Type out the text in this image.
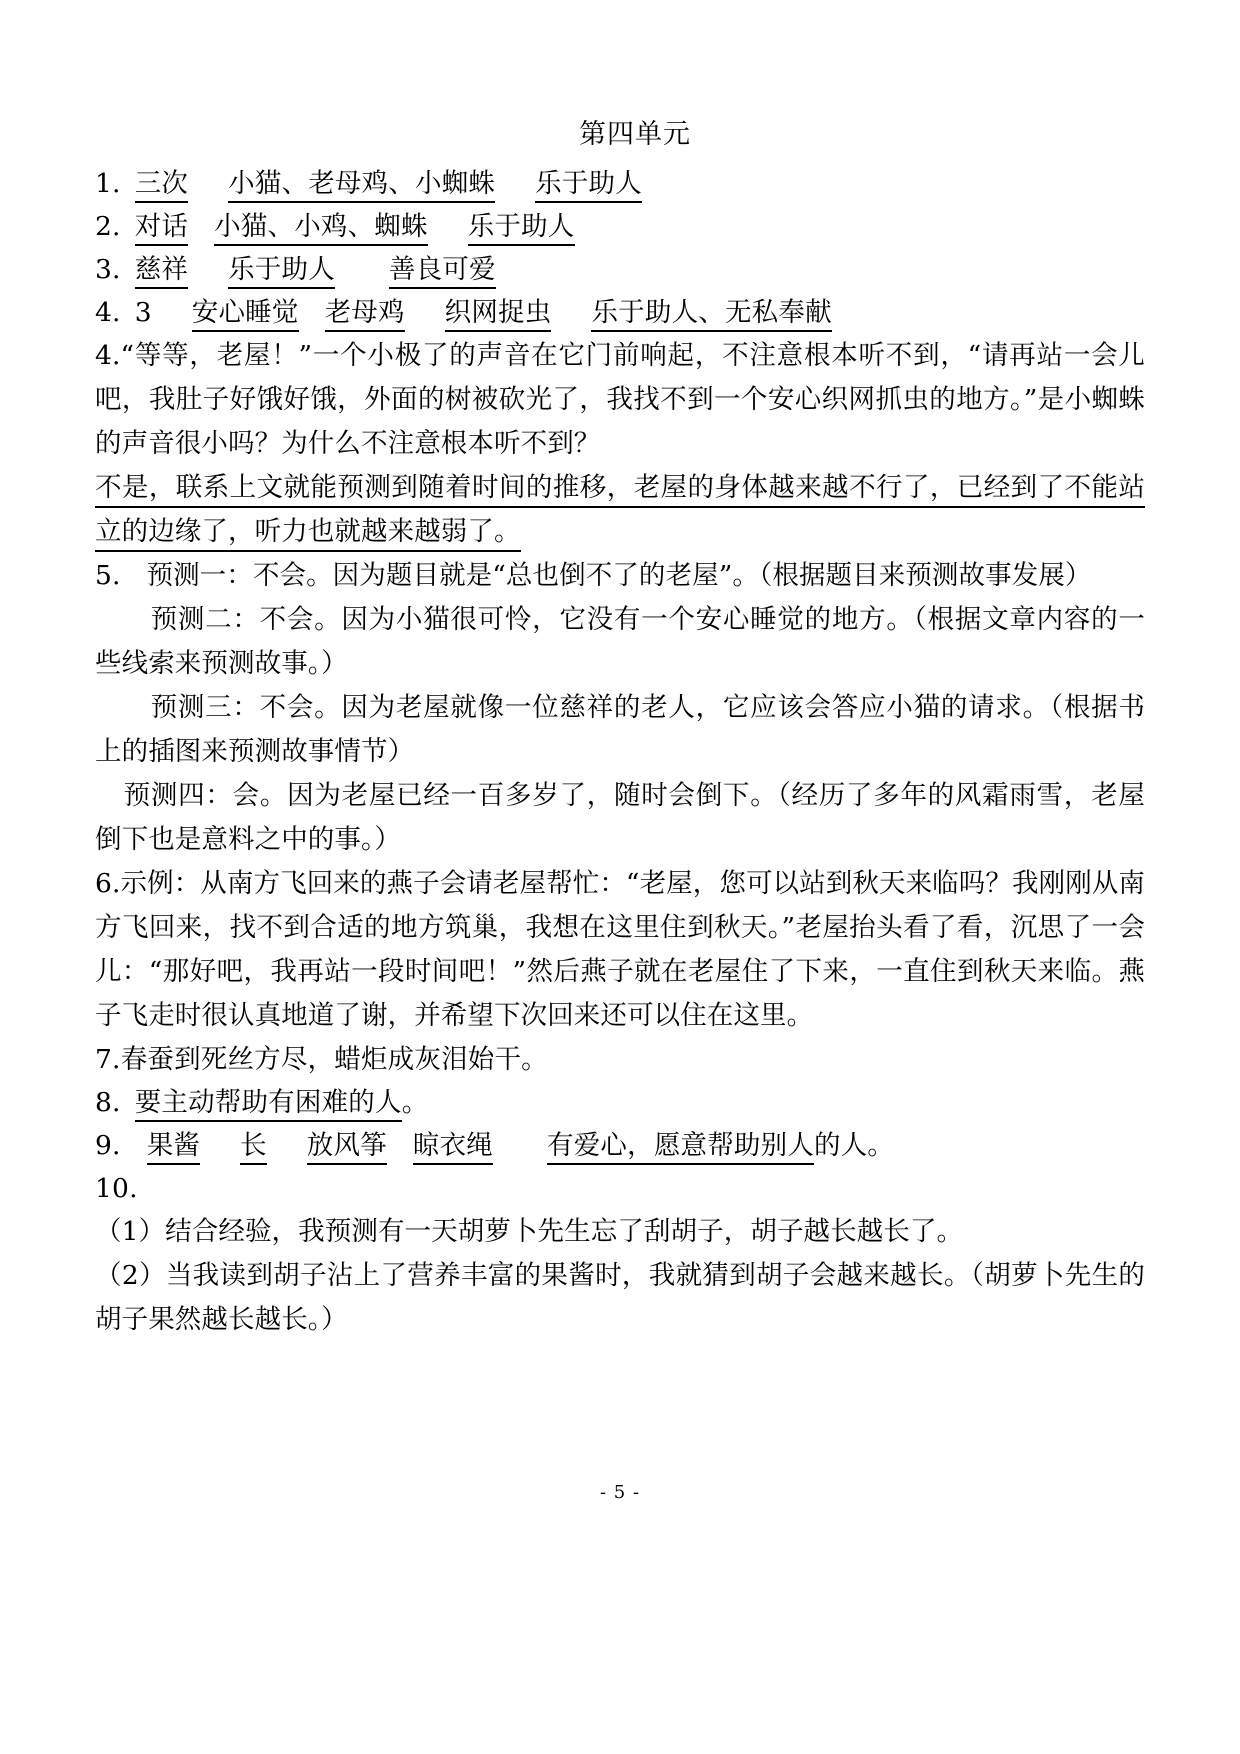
第四单元
1. 三次 小猫、老母鸡、小蜘蛛 乐于助人
2. 对话 小猫、小鸡、蜘蛛 乐于助人
3. 慈祥 乐于助人 善良可爱
4. 3 安心睡觉 老母鸡 织网捉虫 乐于助人、无私奉献
4.“等等，老屋！”一个小极了的声音在它门前响起，不注意根本听不到，“请再站一会儿吧，我肚子好饿好饿，外面的树被砍光了，我找不到一个安心织网抓虫的地方。”是小蜘蛛的声音很小吗？为什么不注意根本听不到？
不是，联系上文就能预测到随着时间的推移，老屋的身体越来越不行了，已经到了不能站立的边缘了，听力也就越来越弱了。
5. 预测一：不会。因为题目就是“总也倒不了的老屋”。（根据题目来预测故事发展）
预测二：不会。因为小猫很可怜，它没有一个安心睡觉的地方。（根据文章内容的一些线索来预测故事。）
预测三：不会。因为老屋就像一位慈祥的老人，它应该会答应小猫的请求。（根据书上的插图来预测故事情节）
预测四：会。因为老屋已经一百多岁了，随时会倒下。（经历了多年的风霜雨雪，老屋倒下也是意料之中的事。）
6.示例：从南方飞回来的燕子会请老屋帮忙：“老屋，您可以站到秋天来临吗？我刚刚从南方飞回来，找不到合适的地方筑巢，我想在这里住到秋天。”老屋抬头看了看，沉思了一会儿：“那好吧，我再站一段时间吧！”然后燕子就在老屋住了下来，一直住到秋天来临。燕子飞走时很认真地道了谢，并希望下次回来还可以住在这里。
7.春蚕到死丝方尽，蜡炬成灰泪始干。
8. 要主动帮助有困难的人。
9. 果酱 长 放风筝 晾衣绳 有爱心，愿意帮助别人的人。
10.
（1）结合经验，我预测有一天胡萝卜先生忘了刮胡子，胡子越长越长了。
（2）当我读到胡子沾上了营养丰富的果酱时，我就猜到胡子会越来越长。（胡萝卜先生的胡子果然越长越长。）
- 5 -
